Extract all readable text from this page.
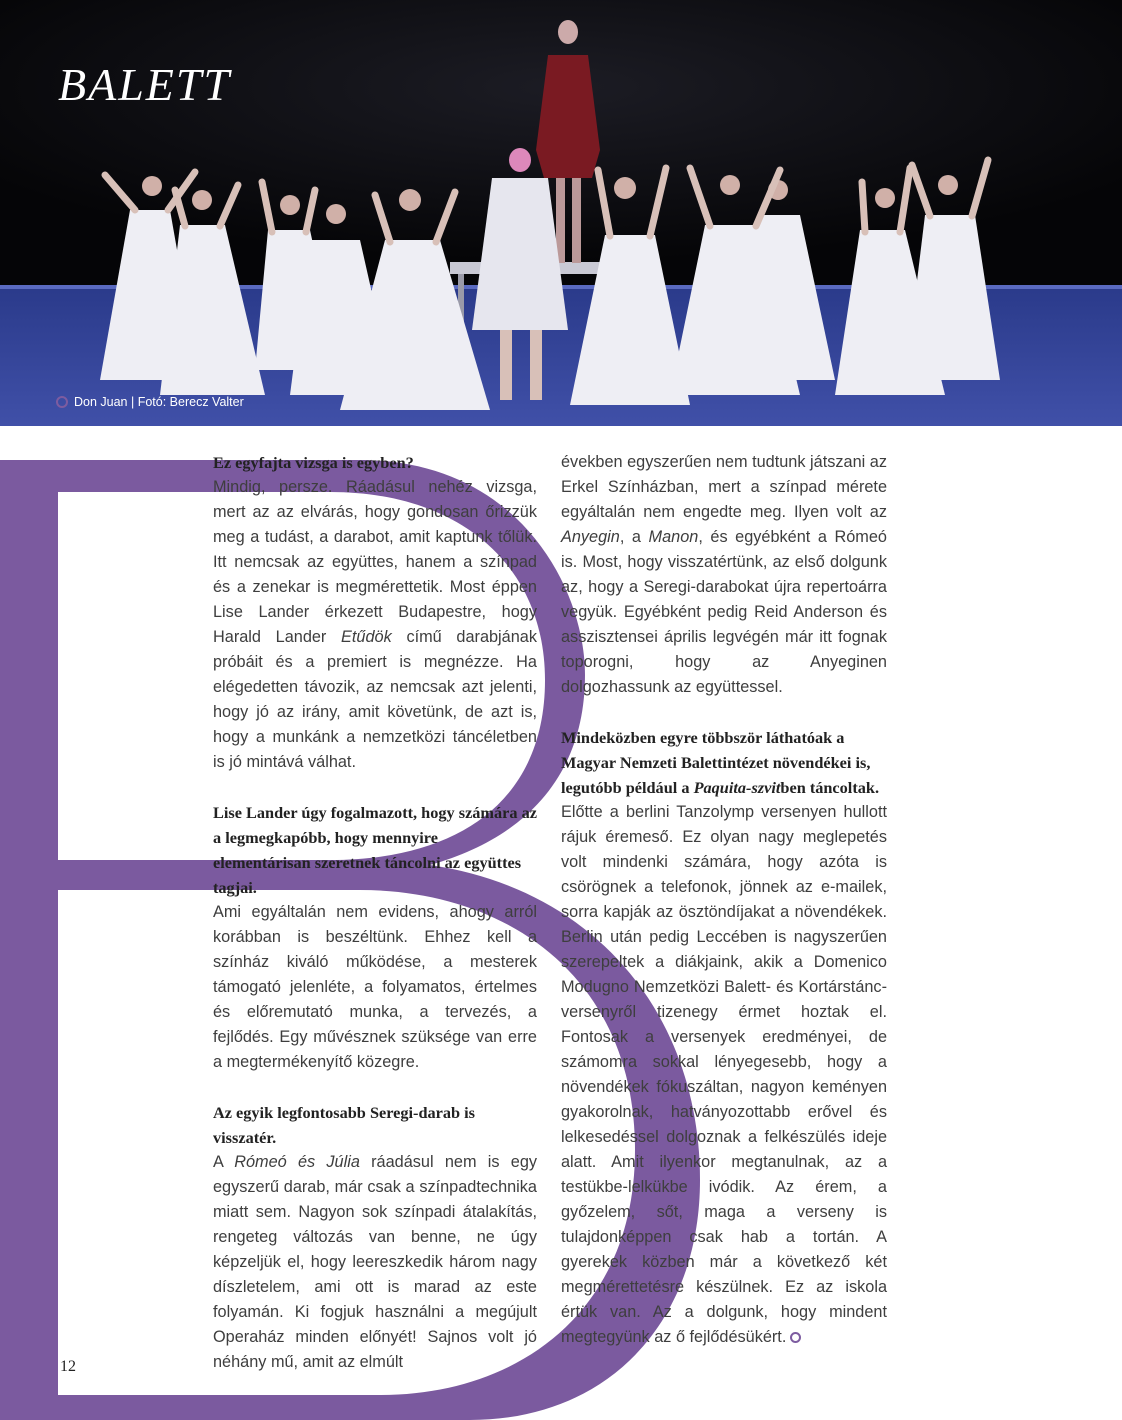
BALETT
Don Juan | Fotó: Berecz Valter

Ez egyfajta vizsga is egyben?

Mindig, persze. Ráadásul nehéz vizsga, mert az az elvárás, hogy gondosan őrizzük meg a tudást, a darabot, amit kaptunk tőlük. Itt nemcsak az együttes, hanem a színpad és a zenekar is megmérettetik. Most éppen Lise Lander érkezett Budapestre, hogy Harald Lander Etűdök című darabjának próbáit és a premiert is megnézze. Ha elégedetten távozik, az nemcsak azt jelenti, hogy jó az irány, amit követünk, de azt is, hogy a munkánk a nemzetközi táncéletben is jó mintává válhat.

Lise Lander úgy fogalmazott, hogy számára az a legmegkapóbb, hogy mennyire elementárisan szeretnek táncolni az együttes tagjai.

Ami egyáltalán nem evidens, ahogy arról korábban is beszéltünk. Ehhez kell a színház kiváló működése, a mesterek támogató jelenléte, a folyamatos, értelmes és előremutató munka, a tervezés, a fejlődés. Egy művésznek szüksége van erre a megtermékenyítő közegre.

Az egyik legfontosabb Seregi-darab is visszatér.

A Rómeó és Júlia ráadásul nem is egy egyszerű darab, már csak a színpadtechnika miatt sem. Nagyon sok színpadi átalakítás, rengeteg változás van benne, ne úgy képzeljük el, hogy leereszkedik három nagy díszletelem, ami ott is marad az este folyamán. Ki fogjuk használni a megújult Operaház minden előnyét! Sajnos volt jó néhány mű, amit az elmúlt

években egyszerűen nem tudtunk játszani az Erkel Színházban, mert a színpad mérete egyáltalán nem engedte meg. Ilyen volt az Anyegin, a Manon, és egyébként a Rómeó is. Most, hogy visszatértünk, az első dolgunk az, hogy a Seregi-darabokat újra repertoárra vegyük. Egyébként pedig Reid Anderson és asszisztensei április legvégén már itt fognak toporogni, hogy az Anyeginen dolgozhassunk az együttessel.

Mindeközben egyre többször láthatóak a Magyar Nemzeti Balettintézet növendékei is, legutóbb például a Paquita-szvitben táncoltak.

Előtte a berlini Tanzolymp versenyen hullott rájuk éremeső. Ez olyan nagy meglepetés volt mindenki számára, hogy azóta is csörögnek a telefonok, jönnek az e-mailek, sorra kapják az ösztöndíjakat a növendékek. Berlin után pedig Leccében is nagyszerűen szerepeltek a diákjaink, akik a Domenico Modugno Nemzetközi Balett- és Kortárstánc-versenyről tizenegy érmet hoztak el. Fontosak a versenyek eredményei, de számomra sokkal lényegesebb, hogy a növendékek fókuszáltan, nagyon keményen gyakorolnak, hatványozottabb erővel és lelkesedéssel dolgoznak a felkészülés ideje alatt. Amit ilyenkor megtanulnak, az a testükbe-lelkükbe ivódik. Az érem, a győzelem, sőt, maga a verseny is tulajdonképpen csak hab a tortán. A gyerekek közben már a következő két megmérettetésre készülnek. Ez az iskola értük van. Az a dolgunk, hogy mindent megtegyünk az ő fejlődésükért.

12
